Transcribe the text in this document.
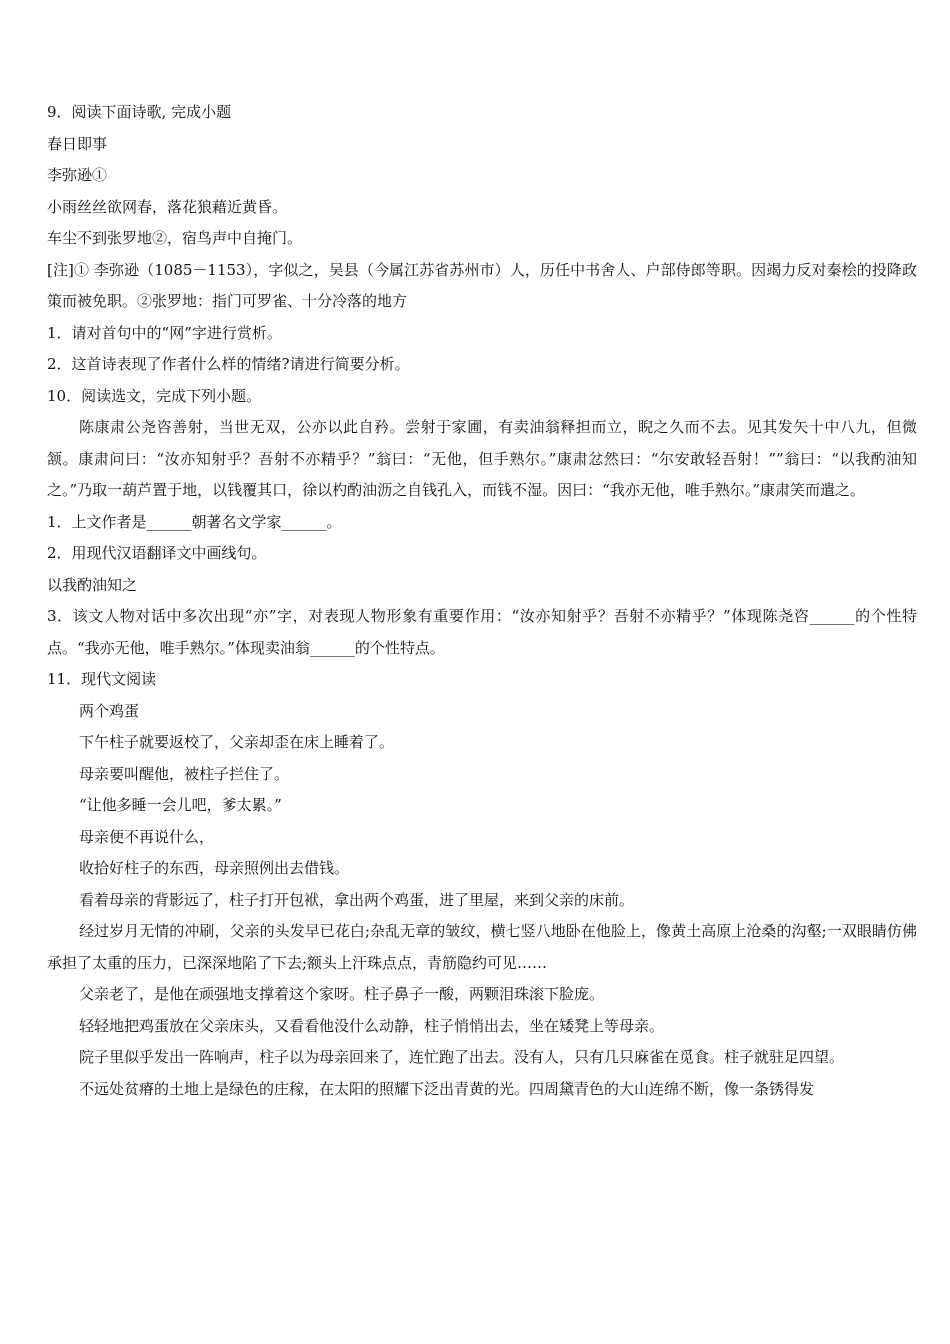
9．阅读下面诗歌, 完成小题
春日即事
李弥逊①
小雨丝丝欲网春，落花狼藉近黄昏。
车尘不到张罗地②，宿鸟声中自掩门。
[注]① 李弥逊（1085－1153），字似之，吴县（今属江苏省苏州市）人，历任中书舍人、户部侍郎等职。因竭力反对秦桧的投降政策而被免职。②张罗地：指门可罗雀、十分冷落的地方
1．请对首句中的“网”字进行赏析。
2．这首诗表现了作者什么样的情绪?请进行简要分析。
10．阅读选文，完成下列小题。
陈康肃公尧咨善射，当世无双，公亦以此自矜。尝射于家圃，有卖油翁释担而立，睨之久而不去。见其发矢十中八九，但微颔。康肃问曰：“汝亦知射乎？吾射不亦精乎？”翁曰：“无他，但手熟尔。”康肃忿然曰：“尔安敢轻吾射！””翁曰：“以我酌油知之。”乃取一葫芦置于地，以钱覆其口，徐以杓酌油沥之自钱孔入，而钱不湿。因曰：“我亦无他，唯手熟尔。”康肃笑而遣之。
1．上文作者是______朝著名文学家______。
2．用现代汉语翻译文中画线句。
以我酌油知之
3．该文人物对话中多次出现“亦”字，对表现人物形象有重要作用：“汝亦知射乎？吾射不亦精乎？”体现陈尧咨______的个性特点。“我亦无他，唯手熟尔。”体现卖油翁______的个性特点。
11．现代文阅读
两个鸡蛋
下午柱子就要返校了，父亲却歪在床上睡着了。
母亲要叫醒他，被柱子拦住了。
“让他多睡一会儿吧，爹太累。”
母亲便不再说什么，
收拾好柱子的东西，母亲照例出去借钱。
看着母亲的背影远了，柱子打开包袱，拿出两个鸡蛋，进了里屋，来到父亲的床前。
经过岁月无情的冲刷，父亲的头发早已花白;杂乱无章的皱纹，横七竖八地卧在他脸上，像黄土高原上沧桑的沟壑;一双眼睛仿佛承担了太重的压力，已深深地陷了下去;额头上汗珠点点，青筋隐约可见……
父亲老了，是他在顽强地支撑着这个家呀。柱子鼻子一酸，两颗泪珠滚下脸庞。
轻轻地把鸡蛋放在父亲床头，又看看他没什么动静，柱子悄悄出去，坐在矮凳上等母亲。
院子里似乎发出一阵响声，柱子以为母亲回来了，连忙跑了出去。没有人，只有几只麻雀在觅食。柱子就驻足四望。
不远处贫瘠的土地上是绿色的庄稼，在太阳的照耀下泛出青黄的光。四周黛青色的大山连绵不断，像一条锈得发
